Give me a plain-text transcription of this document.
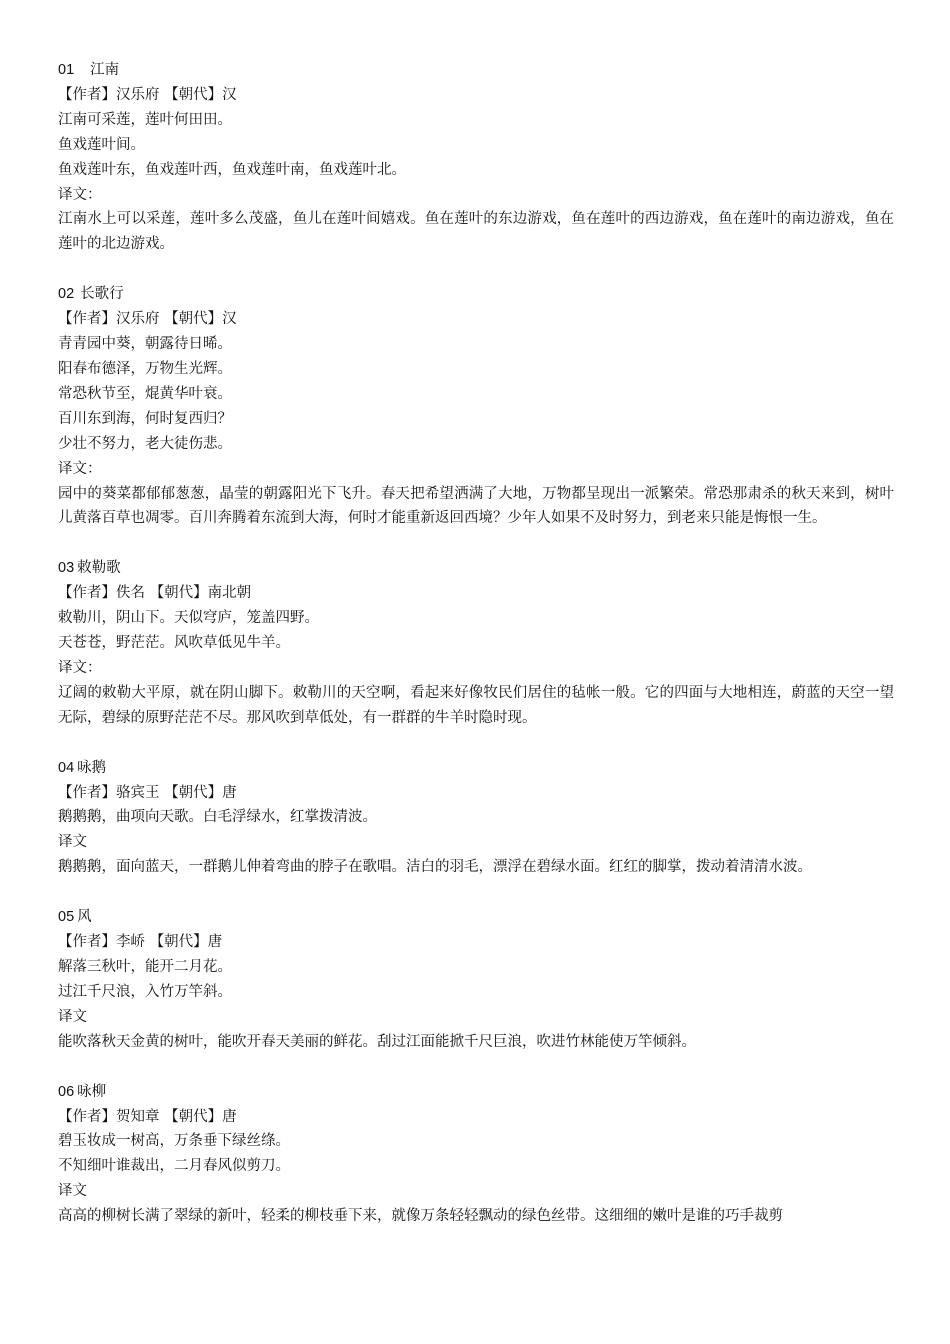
01 江南
【作者】汉乐府 【朝代】汉
江南可采莲，莲叶何田田。
鱼戏莲叶间。
鱼戏莲叶东，鱼戏莲叶西，鱼戏莲叶南，鱼戏莲叶北。
译文：
江南水上可以采莲，莲叶多么茂盛，鱼儿在莲叶间嬉戏。鱼在莲叶的东边游戏，鱼在莲叶的西边游戏，鱼在莲叶的南边游戏，鱼在莲叶的北边游戏。
02 长歌行
【作者】汉乐府 【朝代】汉
青青园中葵，朝露待日晞。
阳春布德泽，万物生光辉。
常恐秋节至，焜黄华叶衰。
百川东到海，何时复西归？
少壮不努力，老大徒伤悲。
译文：
园中的葵菜都郁郁葱葱，晶莹的朝露阳光下飞升。春天把希望洒满了大地，万物都呈现出一派繁荣。常恐那肃杀的秋天来到，树叶儿黄落百草也凋零。百川奔腾着东流到大海，何时才能重新返回西境？少年人如果不及时努力，到老来只能是悔恨一生。
03 敕勒歌
【作者】佚名 【朝代】南北朝
敕勒川，阴山下。天似穹庐，笼盖四野。
天苍苍，野茫茫。风吹草低见牛羊。
译文：
辽阔的敕勒大平原，就在阴山脚下。敕勒川的天空啊，看起来好像牧民们居住的毡帐一般。它的四面与大地相连，蔚蓝的天空一望无际，碧绿的原野茫茫不尽。那风吹到草低处，有一群群的牛羊时隐时现。
04 咏鹅
【作者】骆宾王 【朝代】唐
鹅鹅鹅，曲项向天歌。白毛浮绿水，红掌拨清波。
译文
鹅鹅鹅，面向蓝天，一群鹅儿伸着弯曲的脖子在歌唱。洁白的羽毛，漂浮在碧绿水面。红红的脚掌，拨动着清清水波。
05 风
【作者】李峤 【朝代】唐
解落三秋叶，能开二月花。
过江千尺浪，入竹万竿斜。
译文
能吹落秋天金黄的树叶，能吹开春天美丽的鲜花。刮过江面能掀千尺巨浪，吹进竹林能使万竿倾斜。
06 咏柳
【作者】贺知章 【朝代】唐
碧玉妆成一树高，万条垂下绿丝绦。
不知细叶谁裁出，二月春风似剪刀。
译文
高高的柳树长满了翠绿的新叶，轻柔的柳枝垂下来，就像万条轻轻飘动的绿色丝带。这细细的嫩叶是谁的巧手裁剪
